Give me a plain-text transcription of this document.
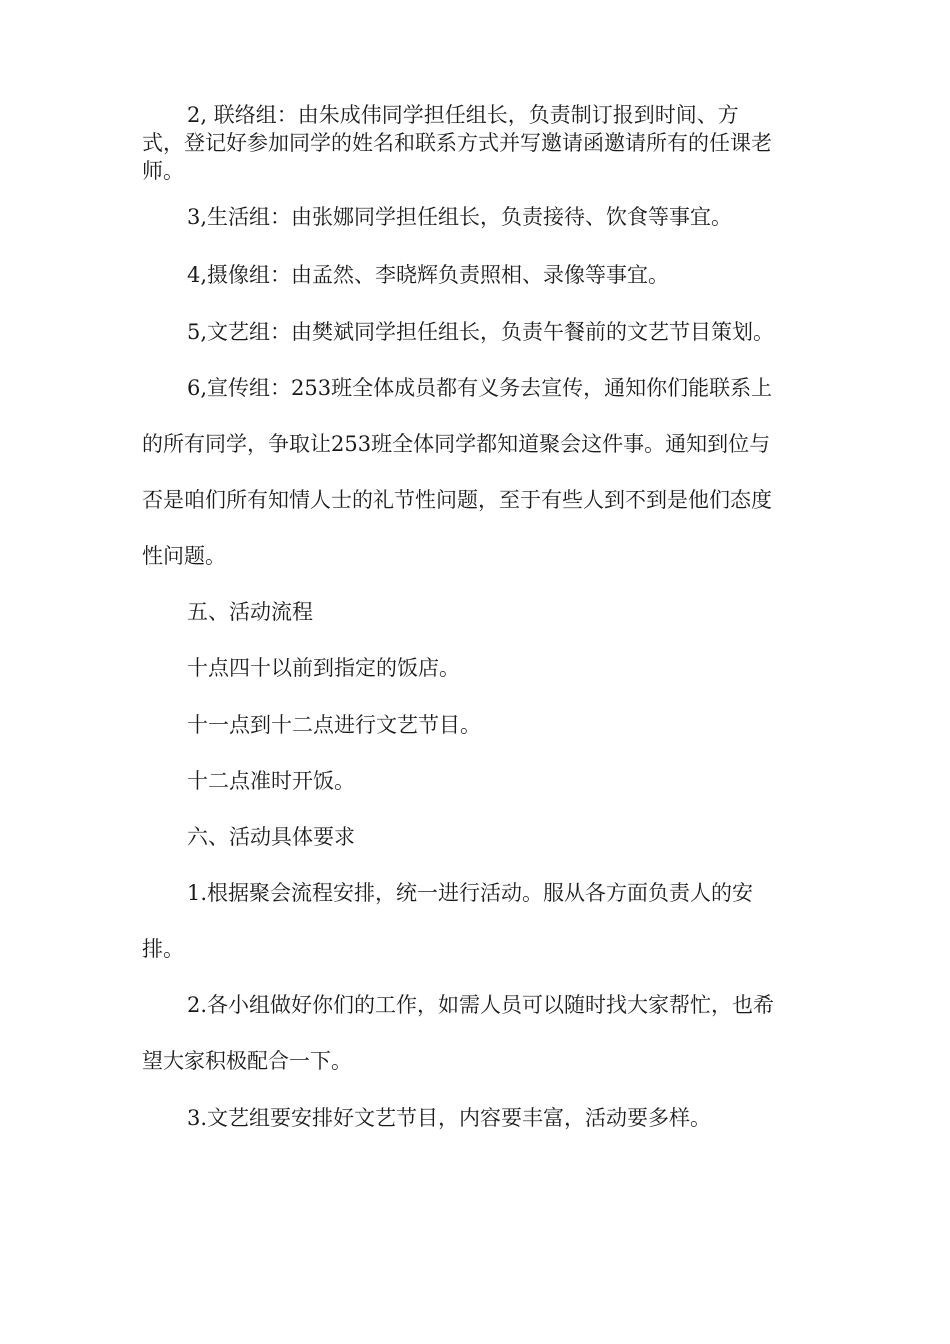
2, 联络组：由朱成伟同学担任组长，负责制订报到时间、方
式，登记好参加同学的姓名和联系方式并写邀请函邀请所有的任课老
师。
3,生活组：由张娜同学担任组长，负责接待、饮食等事宜。
4,摄像组：由孟然、李晓辉负责照相、录像等事宜。
5,文艺组：由樊斌同学担任组长，负责午餐前的文艺节目策划。
6,宣传组：253班全体成员都有义务去宣传，通知你们能联系上
的所有同学，争取让253班全体同学都知道聚会这件事。通知到位与
否是咱们所有知情人士的礼节性问题，至于有些人到不到是他们态度
性问题。
五、活动流程
十点四十以前到指定的饭店。
十一点到十二点进行文艺节目。
十二点准时开饭。
六、活动具体要求
1.根据聚会流程安排，统一进行活动。服从各方面负责人的安
排。
2.各小组做好你们的工作，如需人员可以随时找大家帮忙，也希
望大家积极配合一下。
3.文艺组要安排好文艺节目，内容要丰富，活动要多样。
